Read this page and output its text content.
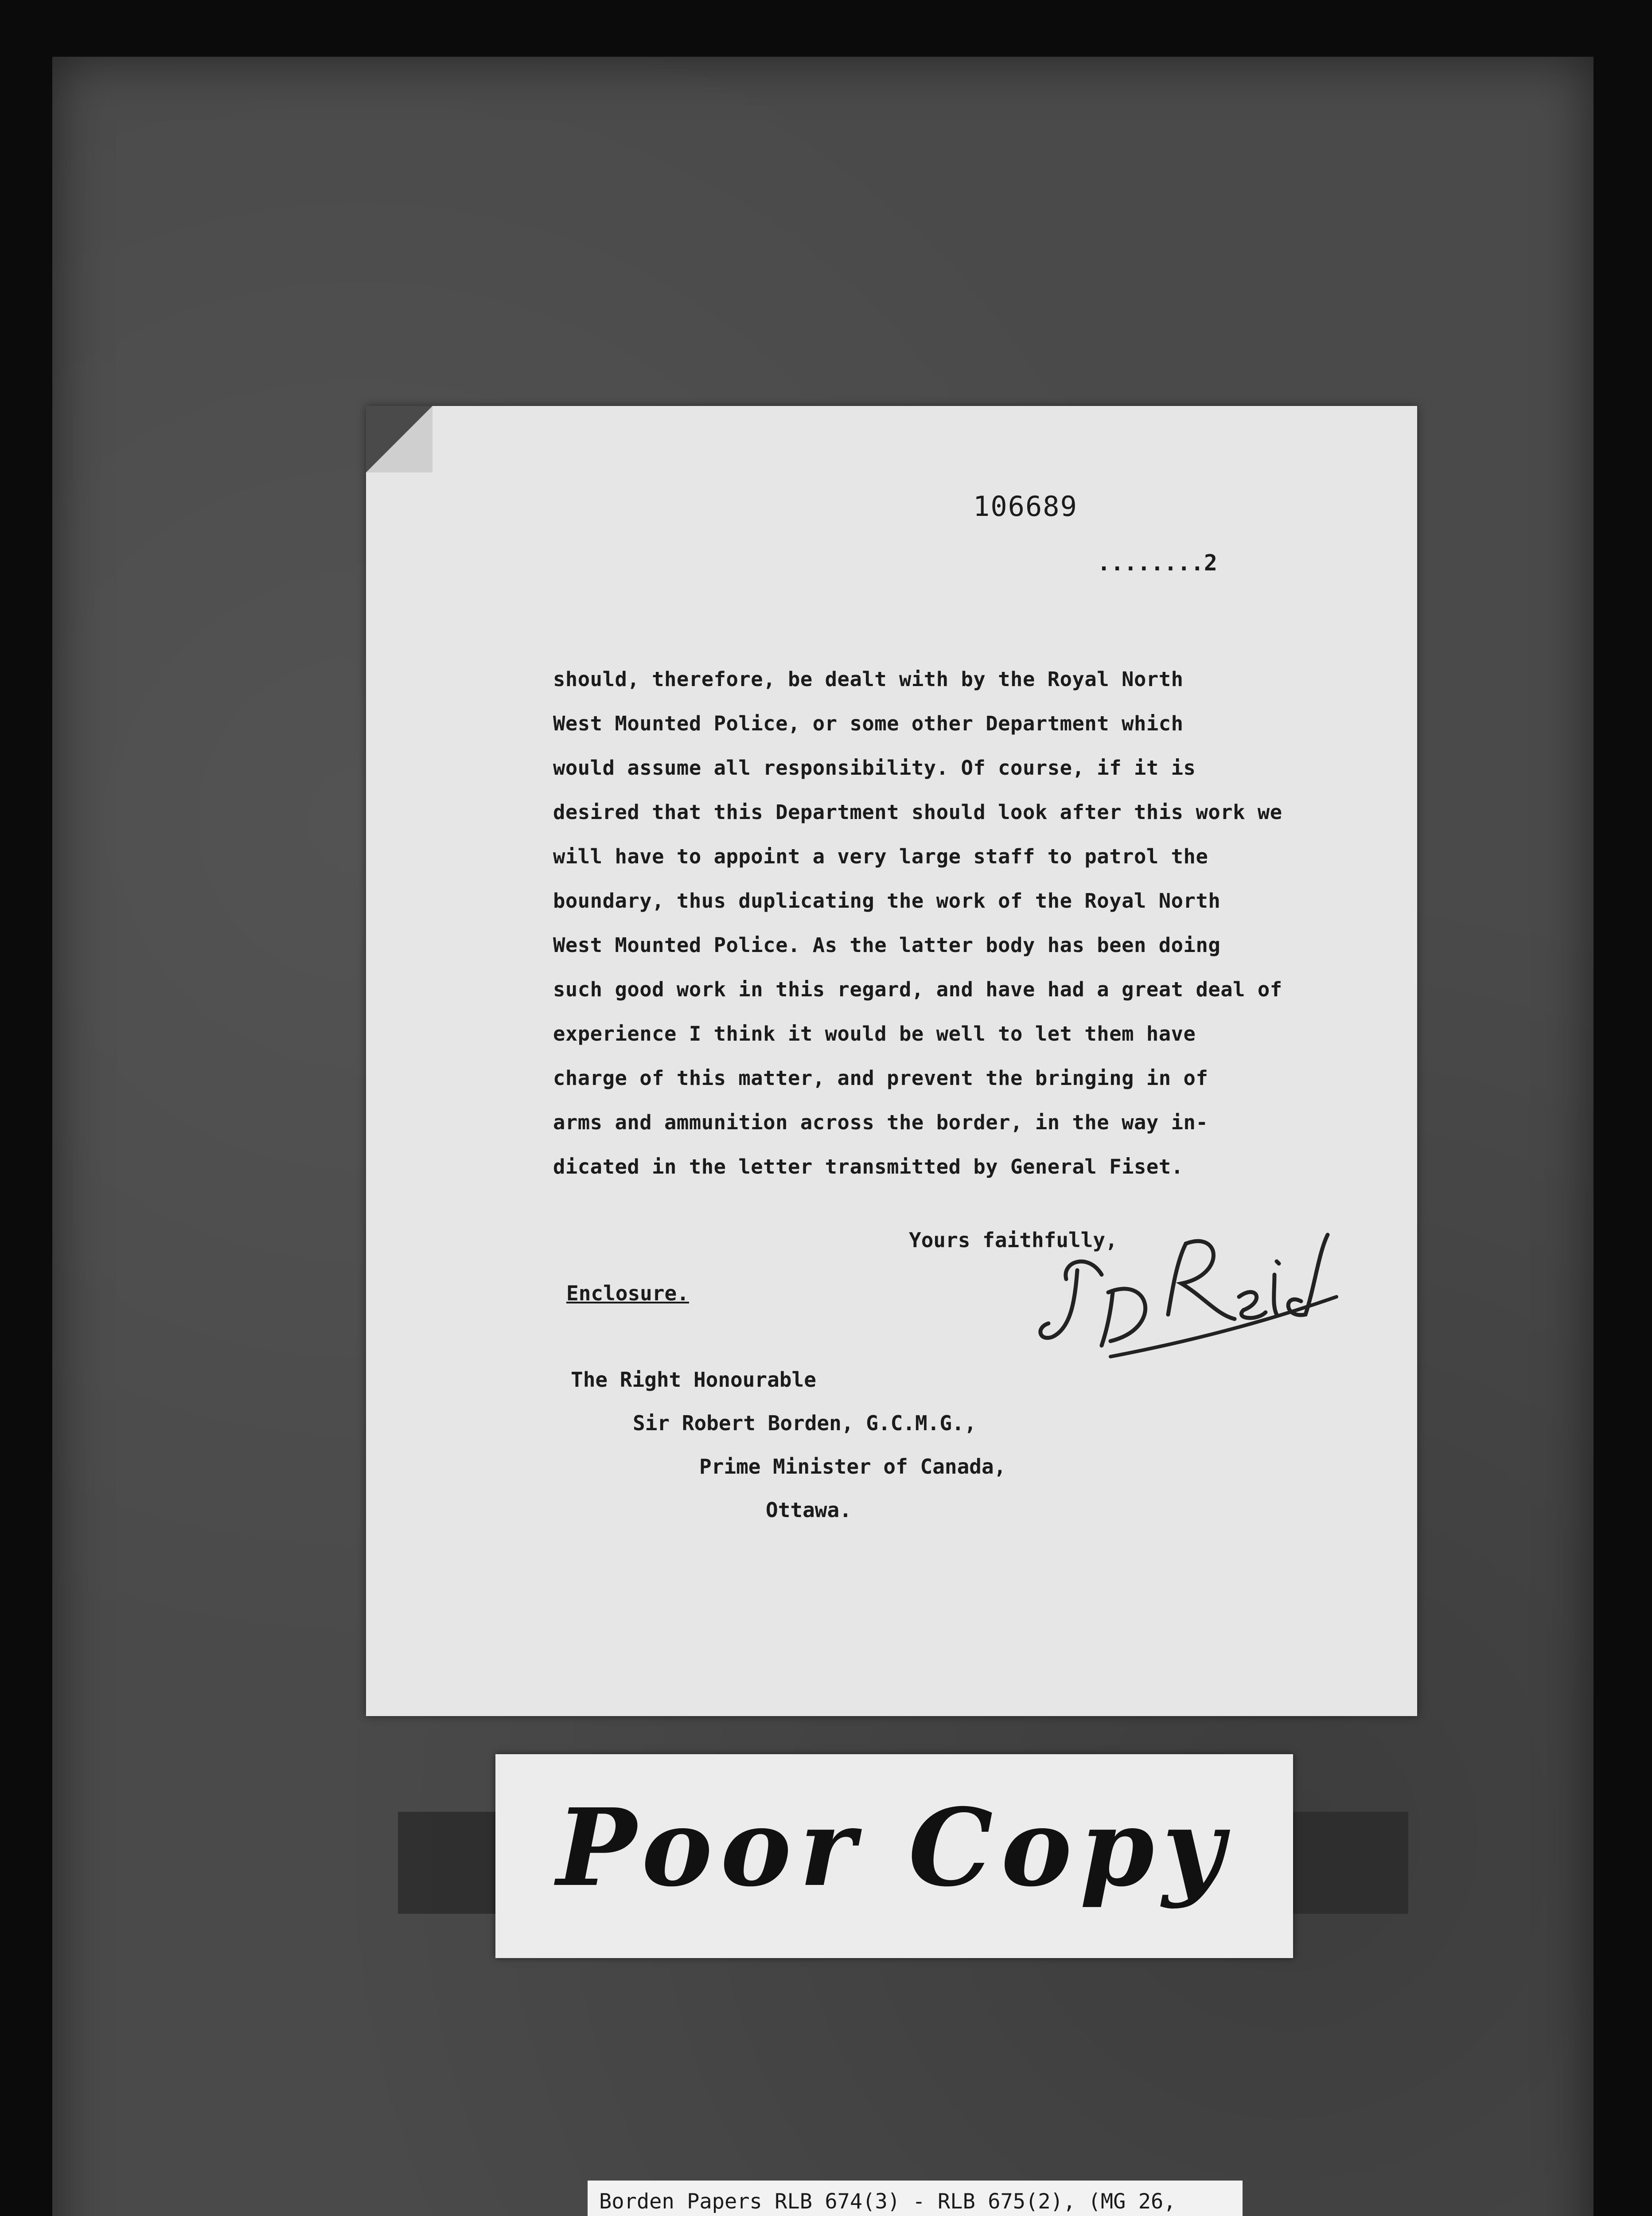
106689
........2
should, therefore, be dealt with by the Royal North
West Mounted Police, or some other Department which
would assume all responsibility. Of course, if it is
desired that this Department should look after this work we
will have to appoint a very large staff to patrol the
boundary, thus duplicating the work of the Royal North
West Mounted Police. As the latter body has been doing
such good work in this regard, and have had a great deal of
experience I think it would be well to let them have
charge of this matter, and prevent the bringing in of
arms and ammunition across the border, in the way in-
dicated in the letter transmitted by General Fiset.
Yours faithfully,
Enclosure.
The Right Honourable
Sir Robert Borden, G.C.M.G.,
Prime Minister of Canada,
Ottawa.
Poor Copy
Borden Papers RLB 674(3) - RLB 675(2), (MG 26,
